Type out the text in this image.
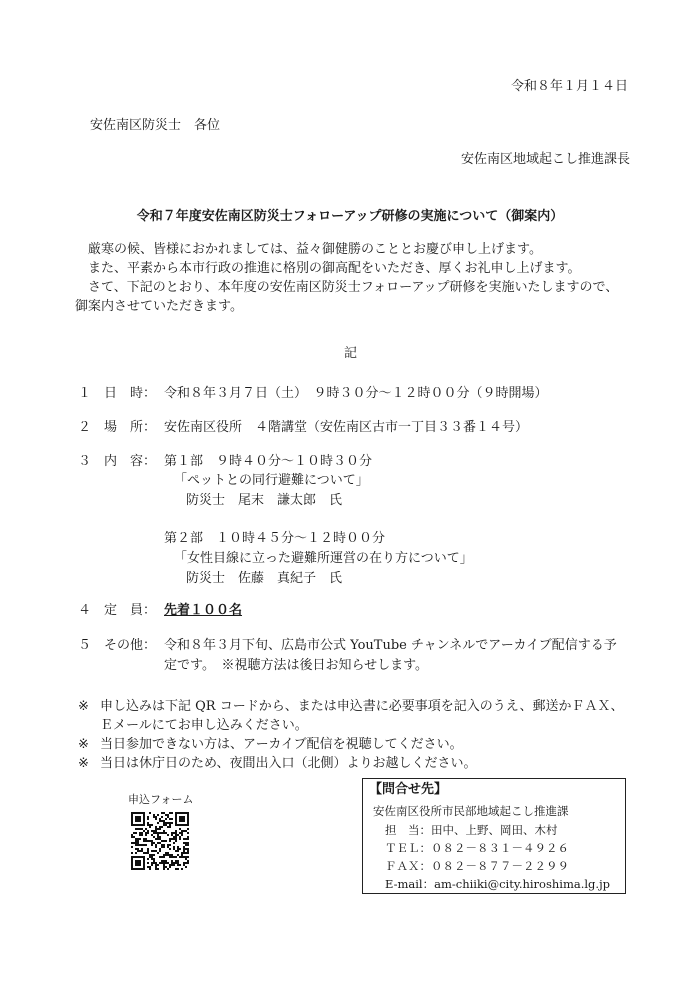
令和８年１月１４日
安佐南区防災士　各位
安佐南区地域起こし推進課長
令和７年度安佐南区防災士フォローアップ研修の実施について（御案内）

　厳寒の候、皆様におかれましては、益々御健勝のこととお慶び申し上げます。

　また、平素から本市行政の推進に格別の御高配をいただき、厚くお礼申し上げます。

　さて、下記のとおり、本年度の安佐南区防災士フォローアップ研修を実施いたしますので、

御案内させていただきます。

記
１ 日　時： 令和８年３月７日（土）　９時３０分～１２時００分（９時開場）
２ 場　所： 安佐南区役所　４階講堂（安佐南区古市一丁目３３番１４号）
３ 内　容： 第１部　９時４０分～１０時３０分
「ペットとの同行避難について」
防災士　尾末　謙太郎　氏
第２部　１０時４５分～１２時００分
「女性目線に立った避難所運営の在り方について」
防災士　佐藤　真紀子　氏
４ 定　員： 先着１００名
５ その他： 令和８年３月下旬、広島市公式 YouTube チャンネルでアーカイブ配信する予
定です。　※視聴方法は後日お知らせします。
※ 申し込みは下記 QR コードから、または申込書に必要事項を記入のうえ、郵送かＦＡＸ、
Ｅメールにてお申し込みください。
※ 当日参加できない方は、アーカイブ配信を視聴してください。
※ 当日は休庁日のため、夜間出入口（北側）よりお越しください。
申込フォーム
【問合せ先】
安佐南区役所市民部地域起こし推進課
担　当：田中、上野、岡田、木村
ＴＥＬ：０８２－８３１－４９２６
ＦＡＸ：０８２－８７７－２２９９
E-mail：am-chiiki@city.hiroshima.lg.jp
